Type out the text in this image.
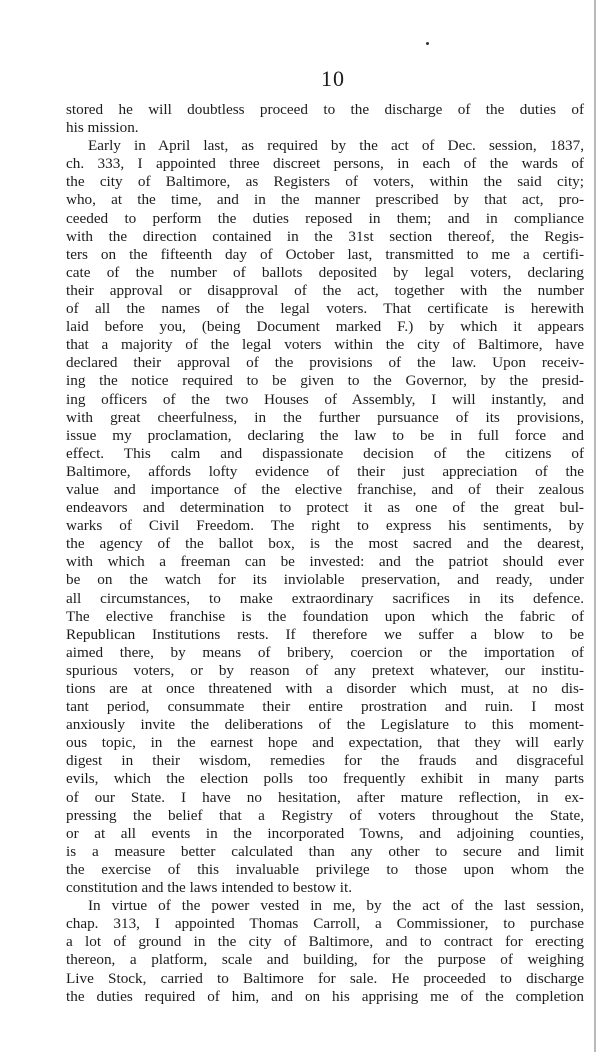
10
stored he will doubtless proceed to the discharge of the duties of
his mission.
Early in April last, as required by the act of Dec. session, 1837,
ch. 333, I appointed three discreet persons, in each of the wards of
the city of Baltimore, as Registers of voters, within the said city;
who, at the time, and in the manner prescribed by that act, pro-
ceeded to perform the duties reposed in them; and in compliance
with the direction contained in the 31st section thereof, the Regis-
ters on the fifteenth day of October last, transmitted to me a certifi-
cate of the number of ballots deposited by legal voters, declaring
their approval or disapproval of the act, together with the number
of all the names of the legal voters. That certificate is herewith
laid before you, (being Document marked F.) by which it appears
that a majority of the legal voters within the city of Baltimore, have
declared their approval of the provisions of the law. Upon receiv-
ing the notice required to be given to the Governor, by the presid-
ing officers of the two Houses of Assembly, I will instantly, and
with great cheerfulness, in the further pursuance of its provisions,
issue my proclamation, declaring the law to be in full force and
effect. This calm and dispassionate decision of the citizens of
Baltimore, affords lofty evidence of their just appreciation of the
value and importance of the elective franchise, and of their zealous
endeavors and determination to protect it as one of the great bul-
warks of Civil Freedom. The right to express his sentiments, by
the agency of the ballot box, is the most sacred and the dearest,
with which a freeman can be invested: and the patriot should ever
be on the watch for its inviolable preservation, and ready, under
all circumstances, to make extraordinary sacrifices in its defence.
The elective franchise is the foundation upon which the fabric of
Republican Institutions rests. If therefore we suffer a blow to be
aimed there, by means of bribery, coercion or the importation of
spurious voters, or by reason of any pretext whatever, our institu-
tions are at once threatened with a disorder which must, at no dis-
tant period, consummate their entire prostration and ruin. I most
anxiously invite the deliberations of the Legislature to this moment-
ous topic, in the earnest hope and expectation, that they will early
digest in their wisdom, remedies for the frauds and disgraceful
evils, which the election polls too frequently exhibit in many parts
of our State. I have no hesitation, after mature reflection, in ex-
pressing the belief that a Registry of voters throughout the State,
or at all events in the incorporated Towns, and adjoining counties,
is a measure better calculated than any other to secure and limit
the exercise of this invaluable privilege to those upon whom the
constitution and the laws intended to bestow it.
In virtue of the power vested in me, by the act of the last session,
chap. 313, I appointed Thomas Carroll, a Commissioner, to purchase
a lot of ground in the city of Baltimore, and to contract for erecting
thereon, a platform, scale and building, for the purpose of weighing
Live Stock, carried to Baltimore for sale. He proceeded to discharge
the duties required of him, and on his apprising me of the completion
